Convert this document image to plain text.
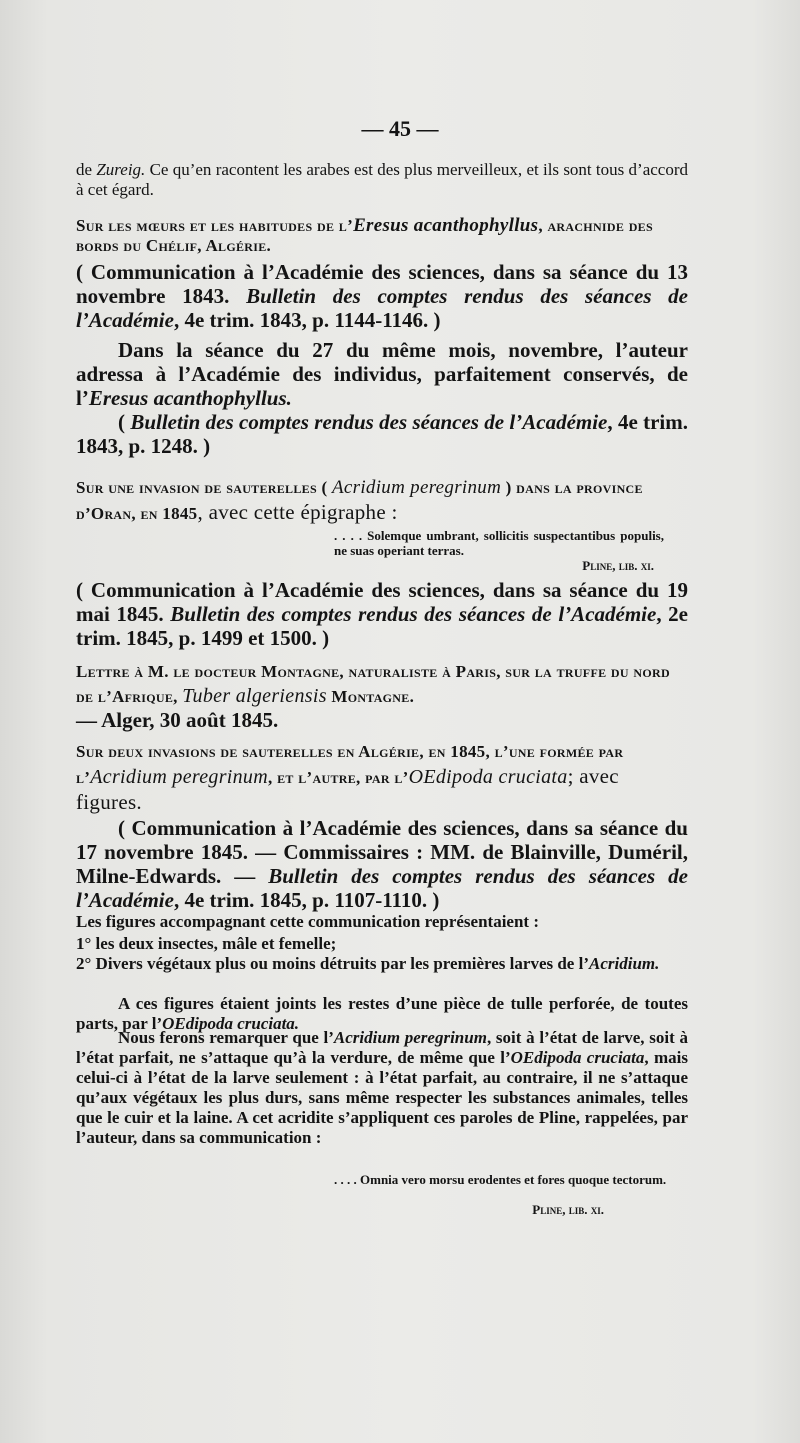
— 45 —

de Zureig. Ce qu’en racontent les arabes est des plus merveilleux, et ils sont tous d’accord à cet égard.

Sur les mœurs et les habitudes de l’Eresus acanthophyllus, arachnide des bords du Chélif, Algérie.

( Communication à l’Académie des sciences, dans sa séance du 13 novembre 1843. Bulletin des comptes rendus des séances de l’Académie, 4e trim. 1843, p. 1144-1146. )

Dans la séance du 27 du même mois, novembre, l’auteur adressa à l’Académie des individus, parfaitement conservés, de l’Eresus acanthophyllus.

( Bulletin des comptes rendus des séances de l’Académie, 4e trim. 1843, p. 1248. )

Sur une invasion de sauterelles ( Acridium peregrinum ) dans la province d’Oran, en 1845, avec cette épigraphe :

. . . . Solemque umbrant, sollicitis suspectantibus populis, ne suas operiant terras.

Pline, lib. xi.

( Communication à l’Académie des sciences, dans sa séance du 19 mai 1845. Bulletin des comptes rendus des séances de l’Académie, 2e trim. 1845, p. 1499 et 1500. )

Lettre à M. le docteur Montagne, naturaliste à Paris, sur la truffe du nord de l’Afrique, Tuber algeriensis Montagne.

— Alger, 30 août 1845.

Sur deux invasions de sauterelles en Algérie, en 1845, l’une formée par l’Acridium peregrinum, et l’autre, par l’OEdipoda cruciata; avec figures.

( Communication à l’Académie des sciences, dans sa séance du 17 novembre 1845. — Commissaires : MM. de Blainville, Duméril, Milne-Edwards. — Bulletin des comptes rendus des séances de l’Académie, 4e trim. 1845, p. 1107-1110. )

Les figures accompagnant cette communication représentaient :

1° les deux insectes, mâle et femelle;

2° Divers végétaux plus ou moins détruits par les premières larves de l’Acridium.

A ces figures étaient joints les restes d’une pièce de tulle perforée, de toutes parts, par l’OEdipoda cruciata.

Nous ferons remarquer que l’Acridium peregrinum, soit à l’état de larve, soit à l’état parfait, ne s’attaque qu’à la verdure, de même que l’OEdipoda cruciata, mais celui-ci à l’état de la larve seulement : à l’état parfait, au contraire, il ne s’attaque qu’aux végétaux les plus durs, sans même respecter les substances animales, telles que le cuir et la laine. A cet acridite s’appliquent ces paroles de Pline, rappelées, par l’auteur, dans sa communication :

. . . . Omnia vero morsu erodentes et fores quoque tectorum.

Pline, lib. xi.
